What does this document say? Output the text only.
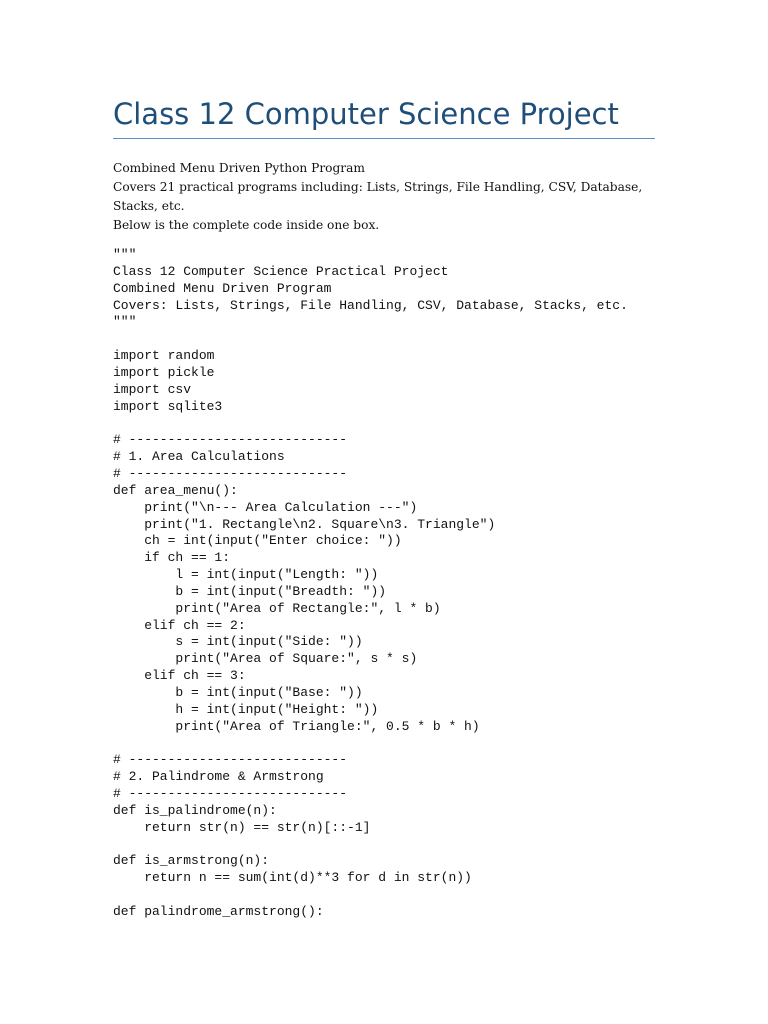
Class 12 Computer Science Project

Combined Menu Driven Python Program

Covers 21 practical programs including: Lists, Strings, File Handling, CSV, Database, Stacks, etc.

Below is the complete code inside one box.

"""
Class 12 Computer Science Practical Project
Combined Menu Driven Program
Covers: Lists, Strings, File Handling, CSV, Database, Stacks, etc.
"""

import random
import pickle
import csv
import sqlite3

# ----------------------------
# 1. Area Calculations
# ----------------------------
def area_menu():
print("\n--- Area Calculation ---")
print("1. Rectangle\n2. Square\n3. Triangle")
ch = int(input("Enter choice: "))
if ch == 1:
l = int(input("Length: "))
b = int(input("Breadth: "))
print("Area of Rectangle:", l * b)
elif ch == 2:
s = int(input("Side: "))
print("Area of Square:", s * s)
elif ch == 3:
b = int(input("Base: "))
h = int(input("Height: "))
print("Area of Triangle:", 0.5 * b * h)

# ----------------------------
# 2. Palindrome & Armstrong
# ----------------------------
def is_palindrome(n):
return str(n) == str(n)[::-1]

def is_armstrong(n):
return n == sum(int(d)**3 for d in str(n))

def palindrome_armstrong():
